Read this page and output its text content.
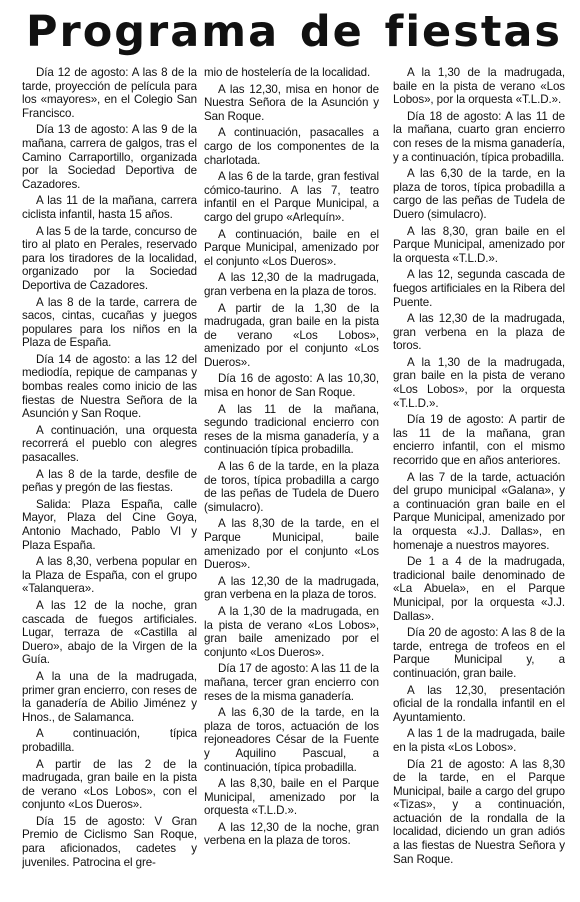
Programa de fiestas

Día 12 de agosto: A las 8 de la tarde, proyección de película para los «mayores», en el Colegio San Francisco.

Día 13 de agosto: A las 9 de la mañana, carrera de galgos, tras el Camino Carraportillo, organizada por la Sociedad Deportiva de Cazadores.

A las 11 de la mañana, carrera ciclista infantil, hasta 15 años.

A las 5 de la tarde, concurso de tiro al plato en Perales, reservado para los tiradores de la localidad, organizado por la Sociedad Deportiva de Cazadores.

A las 8 de la tarde, carrera de sacos, cintas, cucañas y juegos populares para los niños en la Plaza de España.

Día 14 de agosto: a las 12 del mediodía, repique de campanas y bombas reales como inicio de las fiestas de Nuestra Señora de la Asunción y San Roque.

A continuación, una orquesta recorrerá el pueblo con alegres pasacalles.

A las 8 de la tarde, desfile de peñas y pregón de las fiestas.

Salida: Plaza España, calle Mayor, Plaza del Cine Goya, Antonio Machado, Pablo VI y Plaza España.

A las 8,30, verbena popular en la Plaza de España, con el grupo «Talanquera».

A las 12 de la noche, gran cascada de fuegos artificiales. Lugar, terraza de «Castilla al Duero», abajo de la Virgen de la Guía.

A la una de la madrugada, primer gran encierro, con reses de la ganadería de Abilio Jiménez y Hnos., de Salamanca.

A continuación, típica probadilla.

A partir de las 2 de la madrugada, gran baile en la pista de verano «Los Lobos», con el conjunto «Los Dueros».

Día 15 de agosto: V Gran Premio de Ciclismo San Roque, para aficionados, cadetes y juveniles. Patrocina el gre-

mio de hostelería de la localidad.

A las 12,30, misa en honor de Nuestra Señora de la Asunción y San Roque.

A continuación, pasacalles a cargo de los componentes de la charlotada.

A las 6 de la tarde, gran festival cómico-taurino. A las 7, teatro infantil en el Parque Municipal, a cargo del grupo «Arlequín».

A continuación, baile en el Parque Municipal, amenizado por el conjunto «Los Dueros».

A las 12,30 de la madrugada, gran verbena en la plaza de toros.

A partir de la 1,30 de la madrugada, gran baile en la pista de verano «Los Lobos», amenizado por el conjunto «Los Dueros».

Día 16 de agosto: A las 10,30, misa en honor de San Roque.

A las 11 de la mañana, segundo tradicional encierro con reses de la misma ganadería, y a continuación típica probadilla.

A las 6 de la tarde, en la plaza de toros, típica probadilla a cargo de las peñas de Tudela de Duero (simulacro).

A las 8,30 de la tarde, en el Parque Municipal, baile amenizado por el conjunto «Los Dueros».

A las 12,30 de la madrugada, gran verbena en la plaza de toros.

A la 1,30 de la madrugada, en la pista de verano «Los Lobos», gran baile amenizado por el conjunto «Los Dueros».

Día 17 de agosto: A las 11 de la mañana, tercer gran encierro con reses de la misma ganadería.

A las 6,30 de la tarde, en la plaza de toros, actuación de los rejoneadores César de la Fuente y Aquilino Pascual, a continuación, típica probadilla.

A las 8,30, baile en el Parque Municipal, amenizado por la orquesta «T.L.D.».

A las 12,30 de la noche, gran verbena en la plaza de toros.

A la 1,30 de la madrugada, baile en la pista de verano «Los Lobos», por la orquesta «T.L.D.».

Día 18 de agosto: A las 11 de la mañana, cuarto gran encierro con reses de la misma ganadería, y a continuación, típica probadilla.

A las 6,30 de la tarde, en la plaza de toros, típica probadilla a cargo de las peñas de Tudela de Duero (simulacro).

A las 8,30, gran baile en el Parque Municipal, amenizado por la orquesta «T.L.D.».

A las 12, segunda cascada de fuegos artificiales en la Ribera del Puente.

A las 12,30 de la madrugada, gran verbena en la plaza de toros.

A la 1,30 de la madrugada, gran baile en la pista de verano «Los Lobos», por la orquesta «T.L.D.».

Día 19 de agosto: A partir de las 11 de la mañana, gran encierro infantil, con el mismo recorrido que en años anteriores.

A las 7 de la tarde, actuación del grupo municipal «Galana», y a continuación gran baile en el Parque Municipal, amenizado por la orquesta «J.J. Dallas», en homenaje a nuestros mayores.

De 1 a 4 de la madrugada, tradicional baile denominado de «La Abuela», en el Parque Municipal, por la orquesta «J.J. Dallas».

Día 20 de agosto: A las 8 de la tarde, entrega de trofeos en el Parque Municipal y, a continuación, gran baile.

A las 12,30, presentación oficial de la rondalla infantil en el Ayuntamiento.

A las 1 de la madrugada, baile en la pista «Los Lobos».

Día 21 de agosto: A las 8,30 de la tarde, en el Parque Municipal, baile a cargo del grupo «Tizas», y a continuación, actuación de la rondalla de la localidad, diciendo un gran adiós a las fiestas de Nuestra Señora y San Roque.
